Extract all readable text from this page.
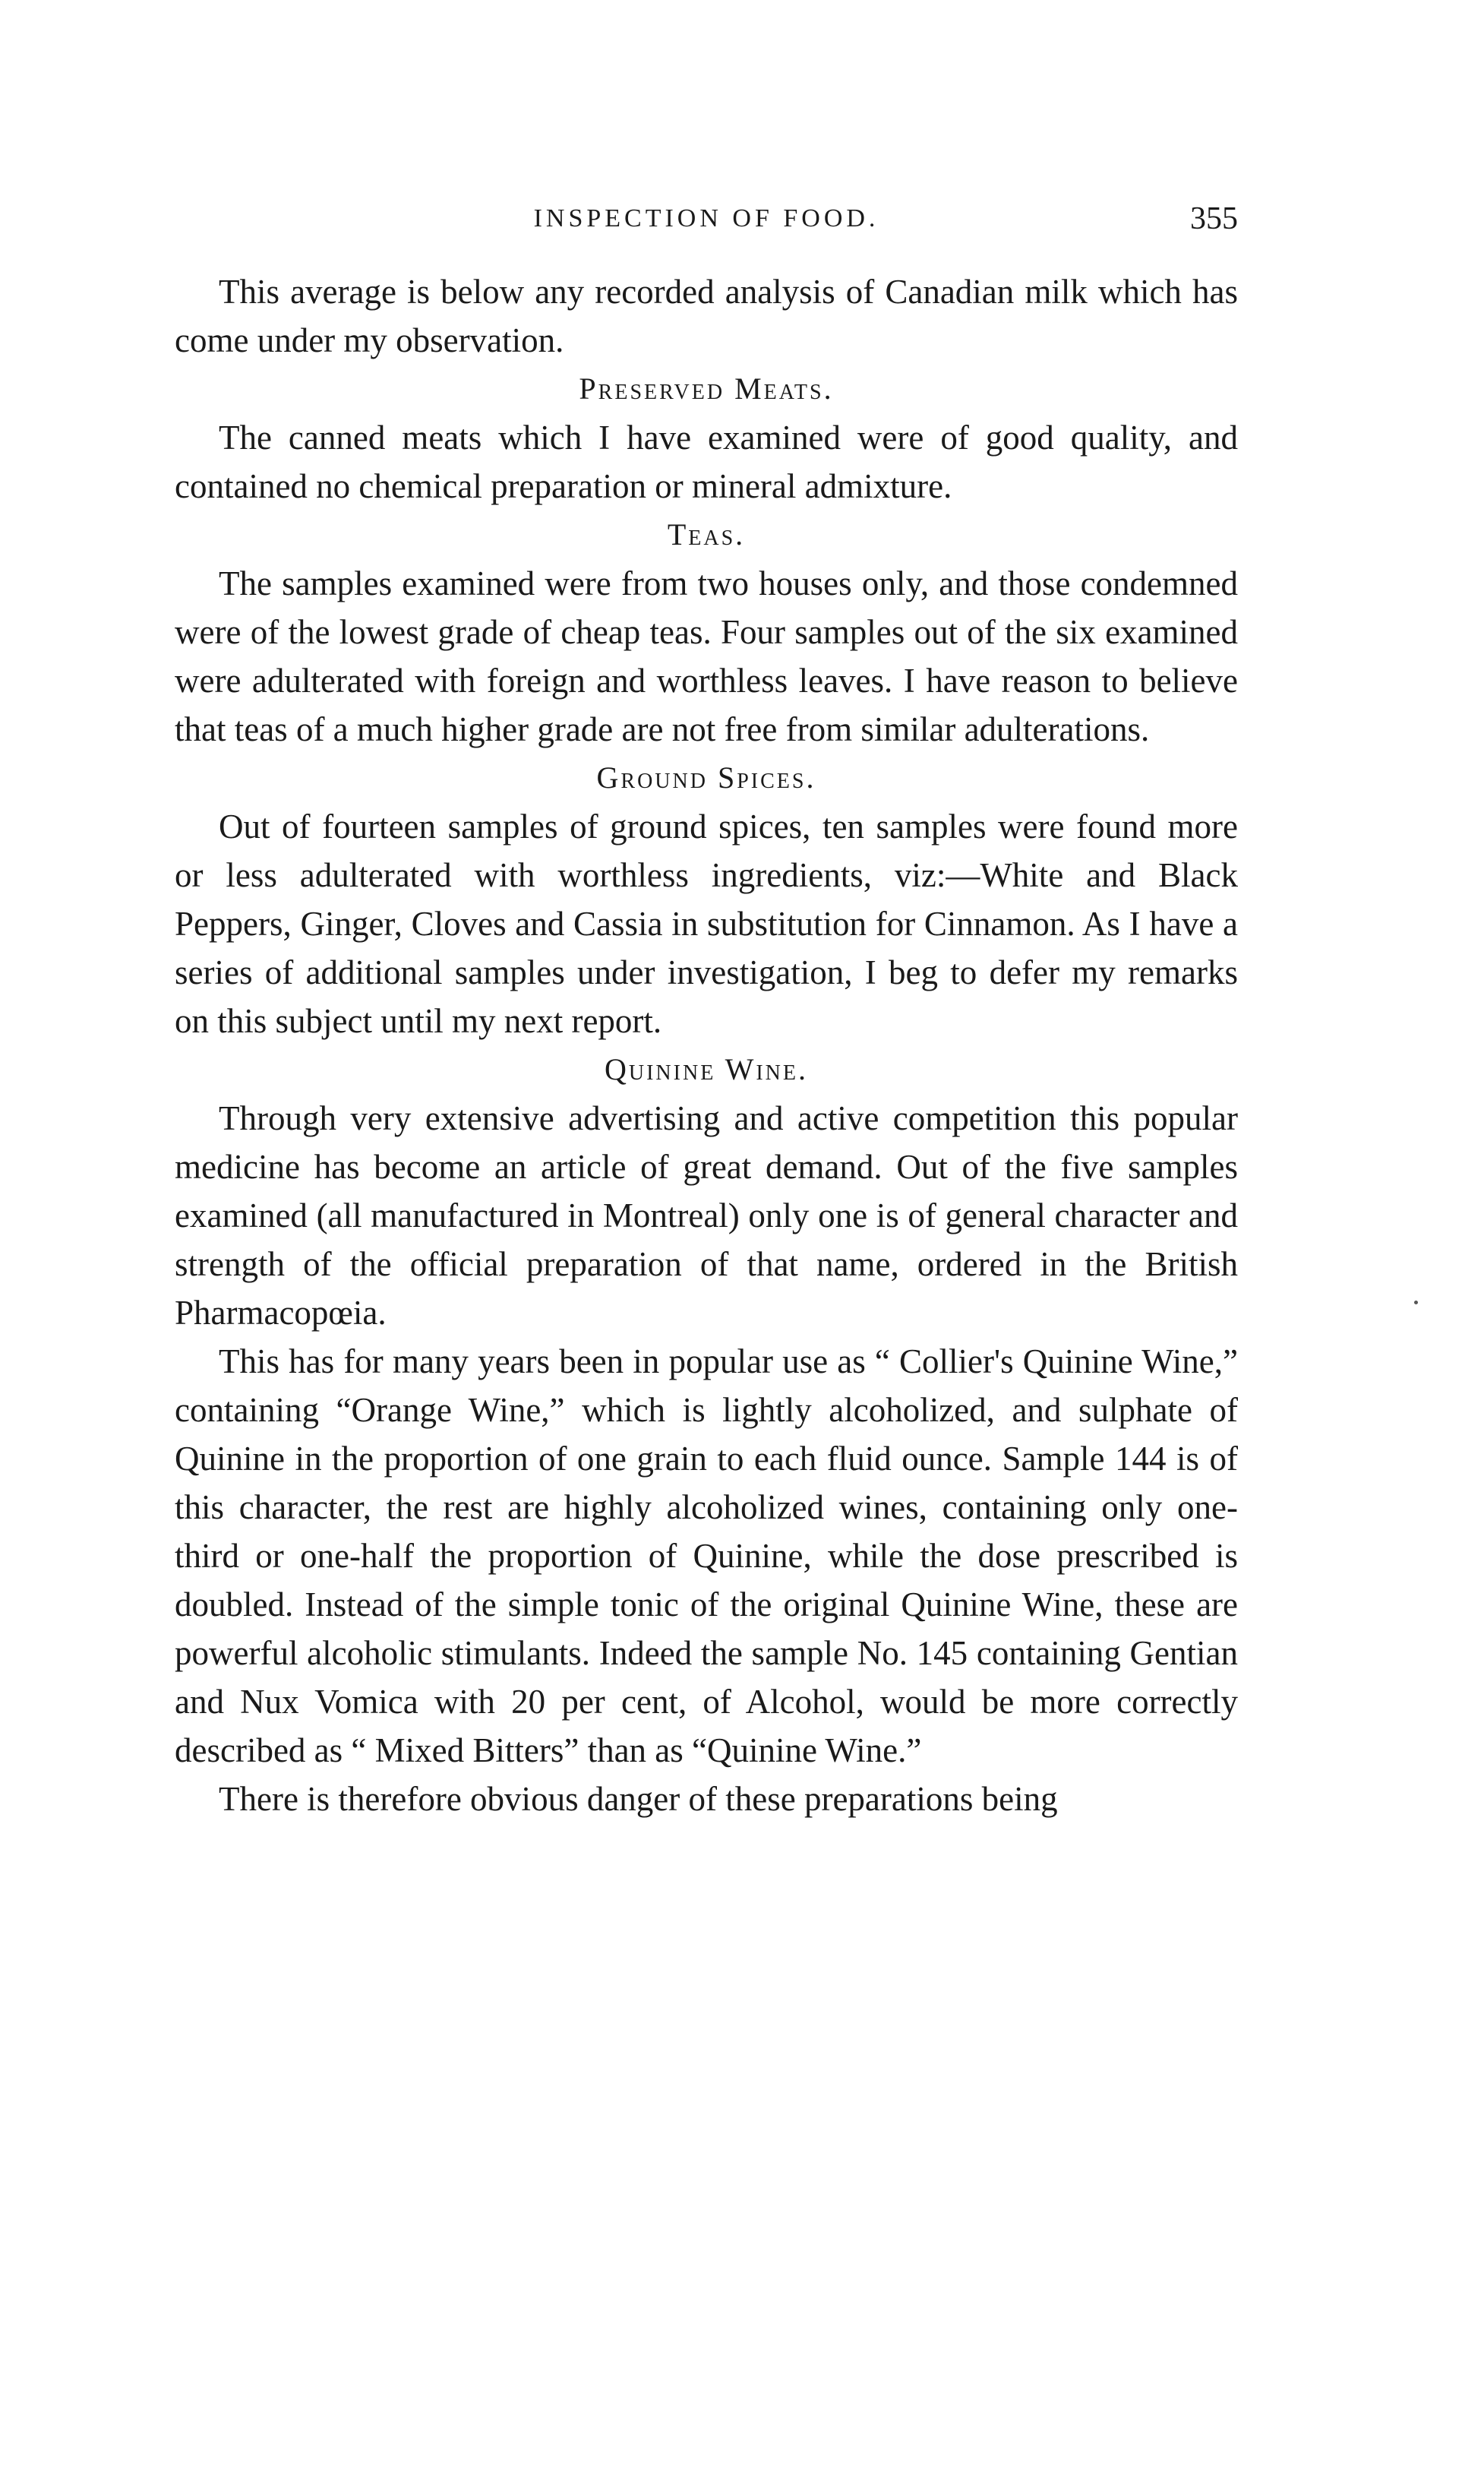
INSPECTION OF FOOD.	355

This average is below any recorded analysis of Canadian milk which has come under my observation.

Preserved Meats.

The canned meats which I have examined were of good quality, and contained no chemical preparation or mineral admixture.

Teas.

The samples examined were from two houses only, and those condemned were of the lowest grade of cheap teas. Four samples out of the six examined were adulterated with foreign and worthless leaves. I have reason to believe that teas of a much higher grade are not free from similar adulterations.

Ground Spices.

Out of fourteen samples of ground spices, ten samples were found more or less adulterated with worthless ingredients, viz:—White and Black Peppers, Ginger, Cloves and Cassia in substitution for Cinnamon. As I have a series of additional samples under investigation, I beg to defer my remarks on this subject until my next report.

Quinine Wine.

Through very extensive advertising and active competition this popular medicine has become an article of great demand. Out of the five samples examined (all manufactured in Montreal) only one is of general character and strength of the official preparation of that name, ordered in the British Pharmacopœia.

This has for many years been in popular use as “ Collier's Quinine Wine,” containing “Orange Wine,” which is lightly alcoholized, and sulphate of Quinine in the proportion of one grain to each fluid ounce. Sample 144 is of this character, the rest are highly alcoholized wines, containing only one-third or one-half the proportion of Quinine, while the dose prescribed is doubled. Instead of the simple tonic of the original Quinine Wine, these are powerful alcoholic stimulants. Indeed the sample No. 145 containing Gentian and Nux Vomica with 20 per cent, of Alcohol, would be more correctly described as “ Mixed Bitters” than as “Quinine Wine.”

There is therefore obvious danger of these preparations being
